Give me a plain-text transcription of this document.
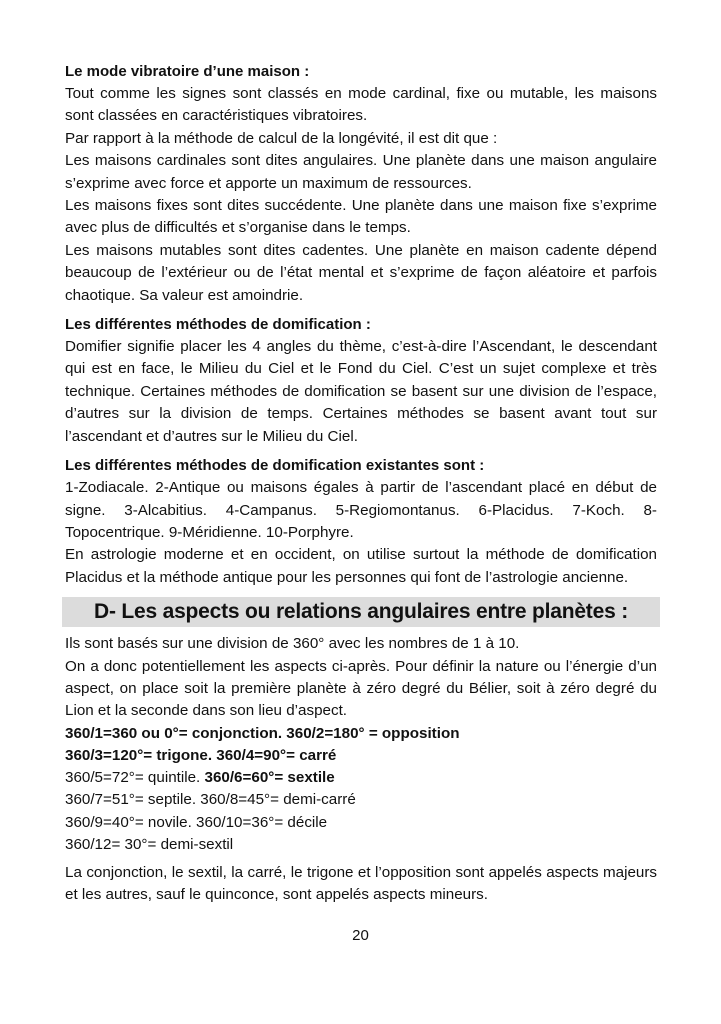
Le mode vibratoire d’une maison :

Tout comme les signes sont classés en mode cardinal, fixe ou mutable, les maisons sont classées en caractéristiques vibratoires.

Par rapport à la méthode de calcul de la longévité, il est dit que :

Les maisons cardinales sont dites angulaires. Une planète dans une maison angulaire s’exprime avec force et apporte un maximum de ressources.

Les maisons fixes sont dites succédente. Une planète dans une maison fixe s’exprime avec plus de difficultés et s’organise dans le temps.

Les maisons mutables sont dites cadentes. Une planète en maison cadente dépend beaucoup de l’extérieur ou de l’état mental et s’exprime de façon aléatoire et parfois chaotique. Sa valeur est amoindrie.

Les différentes méthodes de domification :

Domifier signifie placer les 4 angles du thème, c’est-à-dire l’Ascendant, le descendant qui est en face, le Milieu du Ciel et le Fond du Ciel. C’est un sujet complexe et très technique. Certaines méthodes de domification se basent sur une division de l’espace, d’autres sur la division de temps. Certaines méthodes se basent avant tout sur l’ascendant et d’autres sur le Milieu du Ciel.

Les différentes méthodes de domification existantes sont :

1-Zodiacale. 2-Antique ou maisons égales à partir de l’ascendant placé en début de signe. 3-Alcabitius. 4-Campanus. 5-Regiomontanus. 6-Placidus. 7-Koch. 8-Topocentrique. 9-Méridienne. 10-Porphyre.

En astrologie moderne et en occident, on utilise surtout la méthode de domification Placidus et la méthode antique pour les personnes qui font de l’astrologie ancienne.

D- Les aspects ou relations angulaires entre planètes :

Ils sont basés sur une division de 360° avec les nombres de 1 à 10.

On a donc potentiellement les aspects ci-après. Pour définir la nature ou l’énergie d’un aspect, on place soit la première planète à zéro degré du Bélier, soit à zéro degré du Lion et la seconde dans son lieu d’aspect.

360/1=360 ou 0°= conjonction. 360/2=180° = opposition
360/3=120°= trigone. 360/4=90°= carré
360/5=72°= quintile. 360/6=60°= sextile
360/7=51°= septile. 360/8=45°= demi-carré
360/9=40°= novile. 360/10=36°= décile
360/12= 30°= demi-sextil

La conjonction, le sextil, la carré, le trigone et l’opposition sont appelés aspects majeurs et les autres, sauf le quinconce, sont appelés aspects mineurs.

20
